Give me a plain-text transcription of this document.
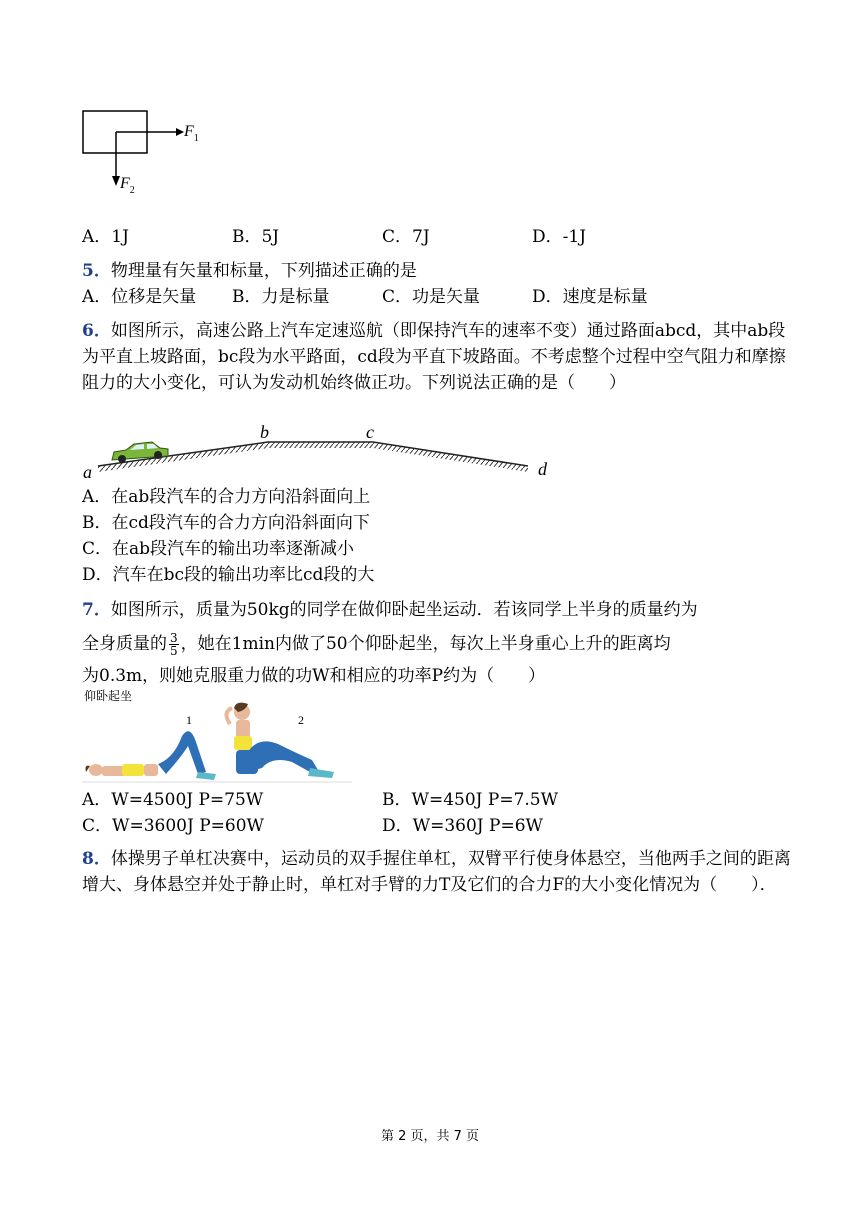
$F_1$
$F_2$
A．1J	B．5J	C．7J	D．-1J
5．物理量有矢量和标量，下列描述正确的是
A．位移是矢量 B．力是标量	C．功是矢量	D．速度是标量
6．如图所示，高速公路上汽车定速巡航（即保持汽车的速率不变）通过路面abcd，其中ab段为平直上坡路面，bc段为水平路面，cd段为平直下坡路面。不考虑整个过程中空气阻力和摩擦阻力的大小变化，可认为发动机始终做正功。下列说法正确的是（　　）
a
b	c
d
A．在ab段汽车的合力方向沿斜面向上
B．在cd段汽车的合力方向沿斜面向下
C．在ab段汽车的输出功率逐渐减小
D．汽车在bc段的输出功率比cd段的大
7．如图所示，质量为50kg的同学在做仰卧起坐运动．若该同学上半身的质量约为
全身质量的 $\frac{3}{5}$ ，她在1min内做了50个仰卧起坐，每次上半身重心上升的距离均
为0.3m，则她克服重力做的功W和相应的功率P约为（　　）
仰卧起坐
1	2
A．W=4500J P=75W	B．W=450J P=7.5W
C．W=3600J P=60W	D．W=360J P=6W
8．体操男子单杠决赛中，运动员的双手握住单杠，双臂平行使身体悬空，当他两手之间的距离增大、身体悬空并处于静止时，单杠对手臂的力T及它们的合力F的大小变化情况为（　　）．
第 2 页，共 7 页
